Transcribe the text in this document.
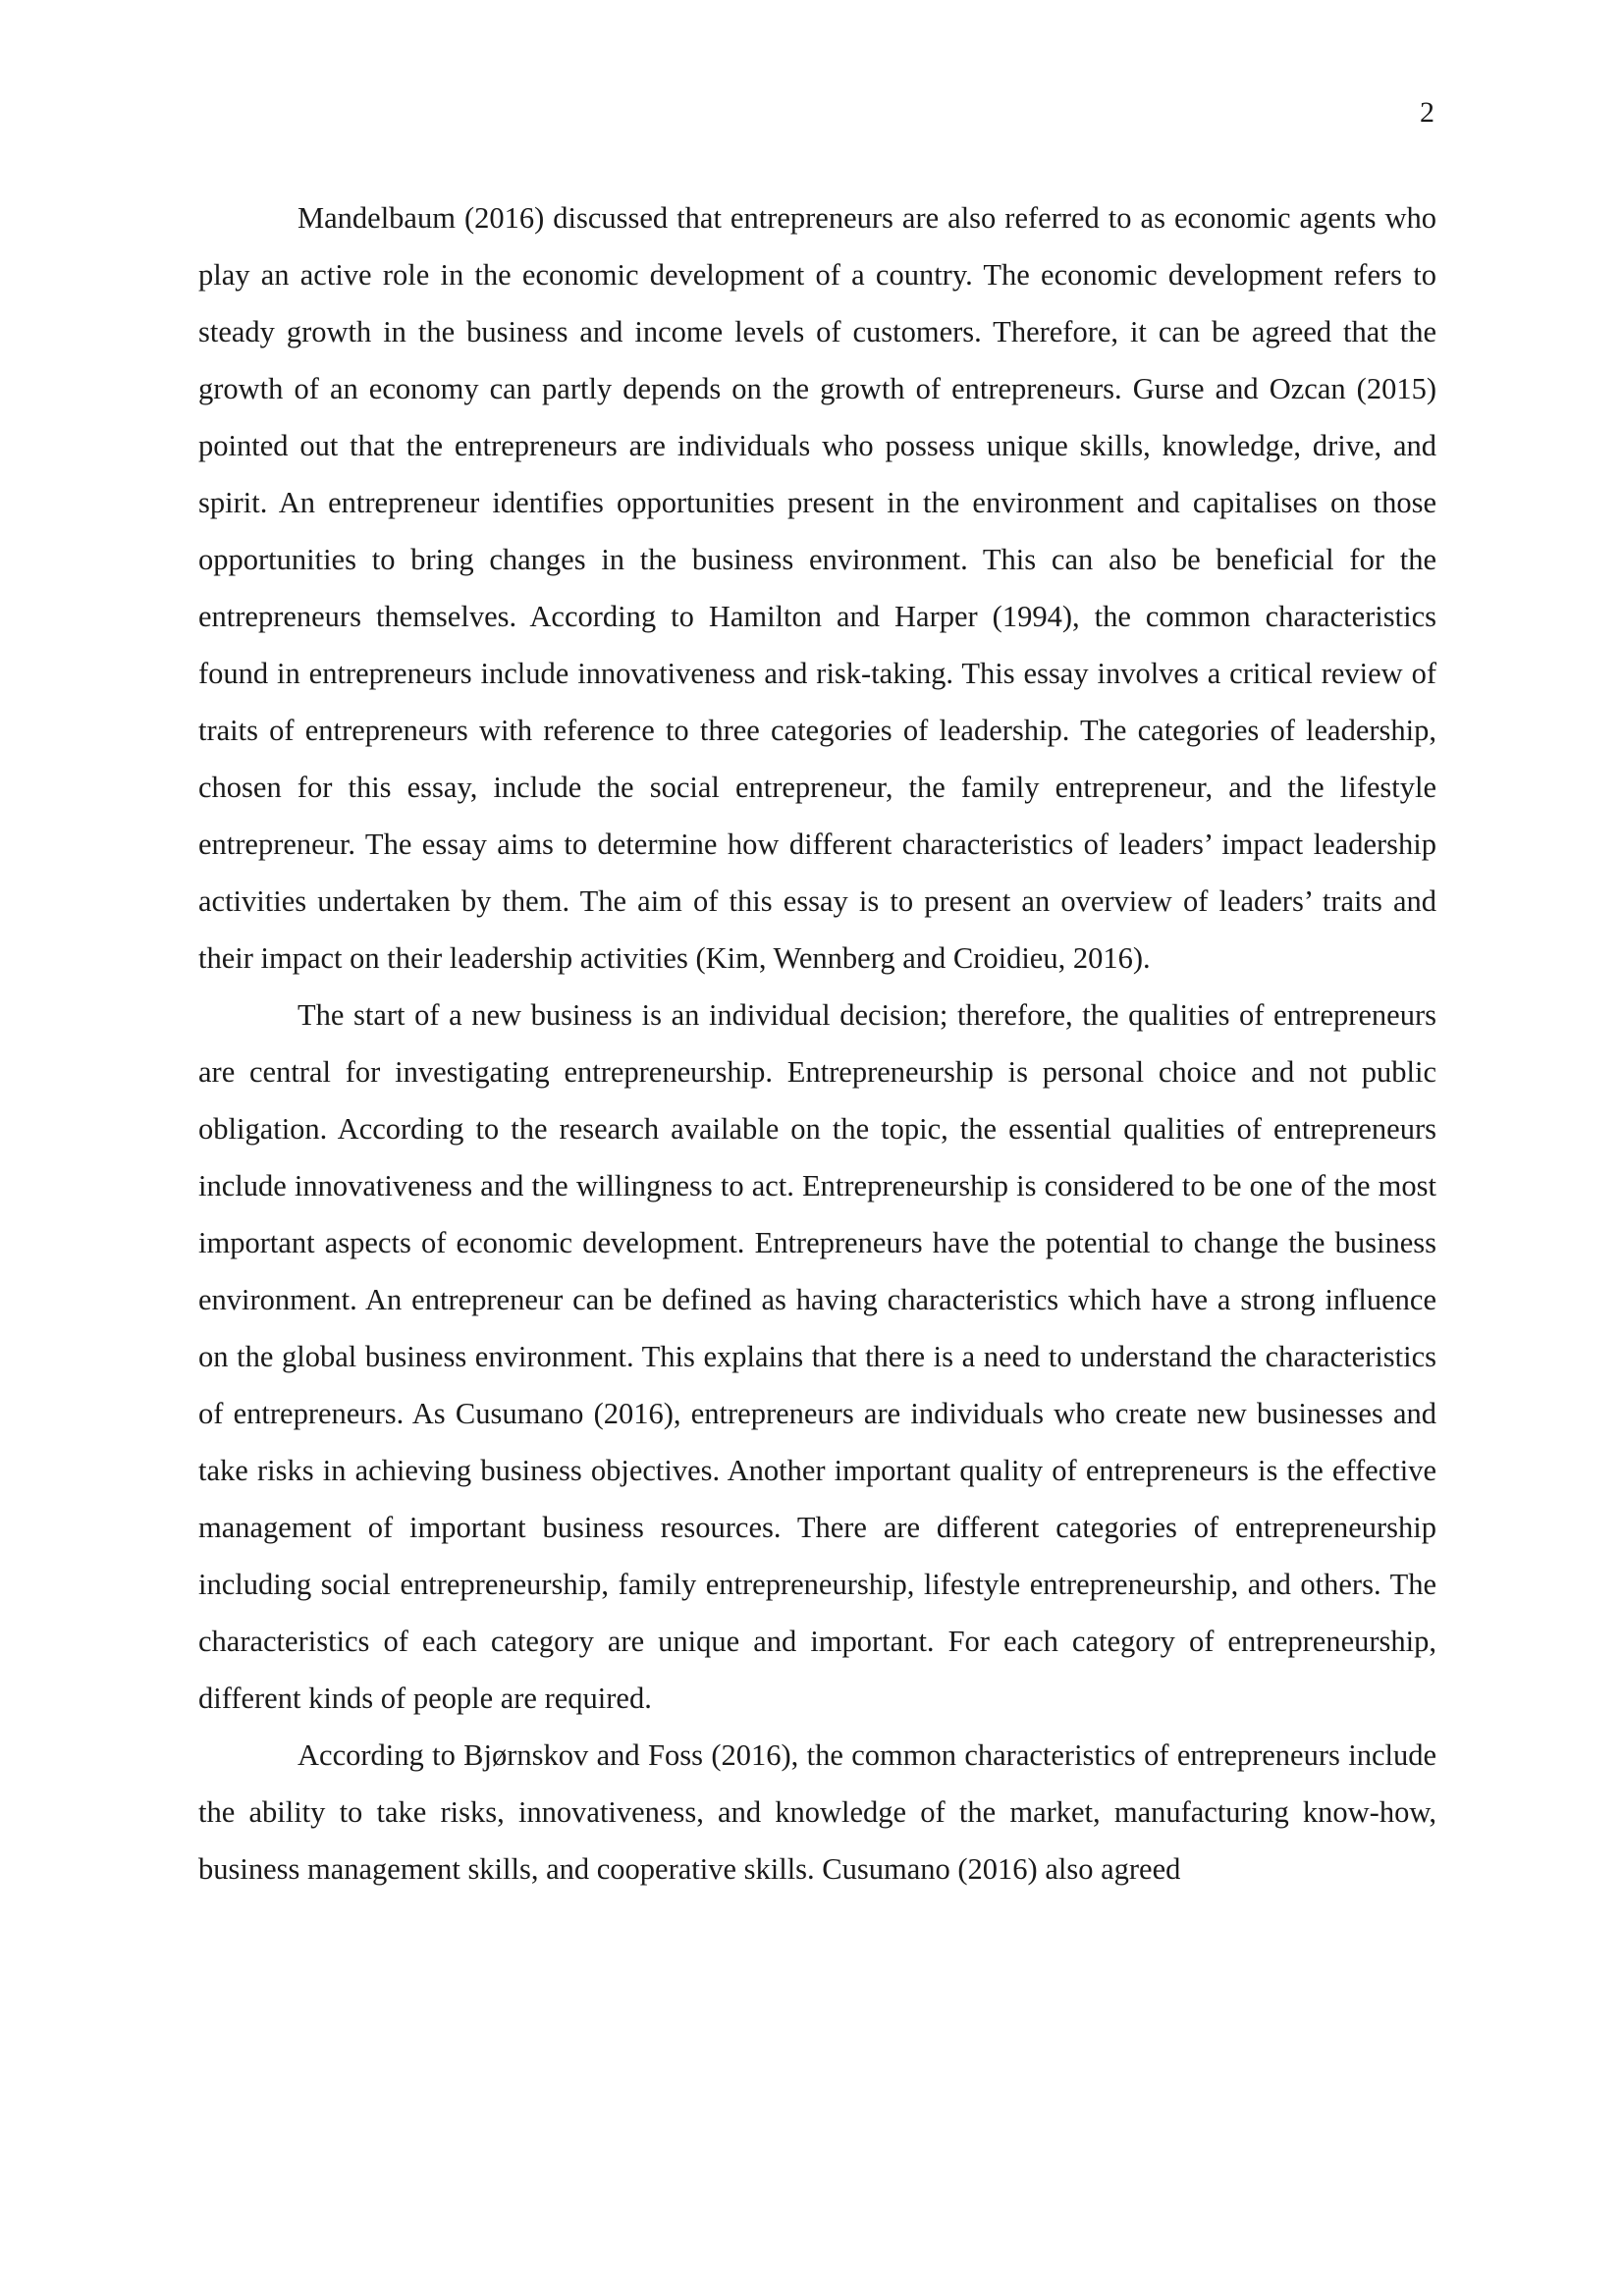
2

Mandelbaum (2016) discussed that entrepreneurs are also referred to as economic agents who play an active role in the economic development of a country. The economic development refers to steady growth in the business and income levels of customers. Therefore, it can be agreed that the growth of an economy can partly depends on the growth of entrepreneurs. Gurse and Ozcan (2015) pointed out that the entrepreneurs are individuals who possess unique skills, knowledge, drive, and spirit. An entrepreneur identifies opportunities present in the environment and capitalises on those opportunities to bring changes in the business environment. This can also be beneficial for the entrepreneurs themselves. According to Hamilton and Harper (1994), the common characteristics found in entrepreneurs include innovativeness and risk-taking. This essay involves a critical review of traits of entrepreneurs with reference to three categories of leadership. The categories of leadership, chosen for this essay, include the social entrepreneur, the family entrepreneur, and the lifestyle entrepreneur. The essay aims to determine how different characteristics of leaders’ impact leadership activities undertaken by them. The aim of this essay is to present an overview of leaders’ traits and their impact on their leadership activities (Kim, Wennberg and Croidieu, 2016).

The start of a new business is an individual decision; therefore, the qualities of entrepreneurs are central for investigating entrepreneurship. Entrepreneurship is personal choice and not public obligation. According to the research available on the topic, the essential qualities of entrepreneurs include innovativeness and the willingness to act. Entrepreneurship is considered to be one of the most important aspects of economic development. Entrepreneurs have the potential to change the business environment. An entrepreneur can be defined as having characteristics which have a strong influence on the global business environment. This explains that there is a need to understand the characteristics of entrepreneurs. As Cusumano (2016), entrepreneurs are individuals who create new businesses and take risks in achieving business objectives. Another important quality of entrepreneurs is the effective management of important business resources. There are different categories of entrepreneurship including social entrepreneurship, family entrepreneurship, lifestyle entrepreneurship, and others. The characteristics of each category are unique and important. For each category of entrepreneurship, different kinds of people are required.

According to Bjørnskov and Foss (2016), the common characteristics of entrepreneurs include the ability to take risks, innovativeness, and knowledge of the market, manufacturing know-how, business management skills, and cooperative skills. Cusumano (2016) also agreed
